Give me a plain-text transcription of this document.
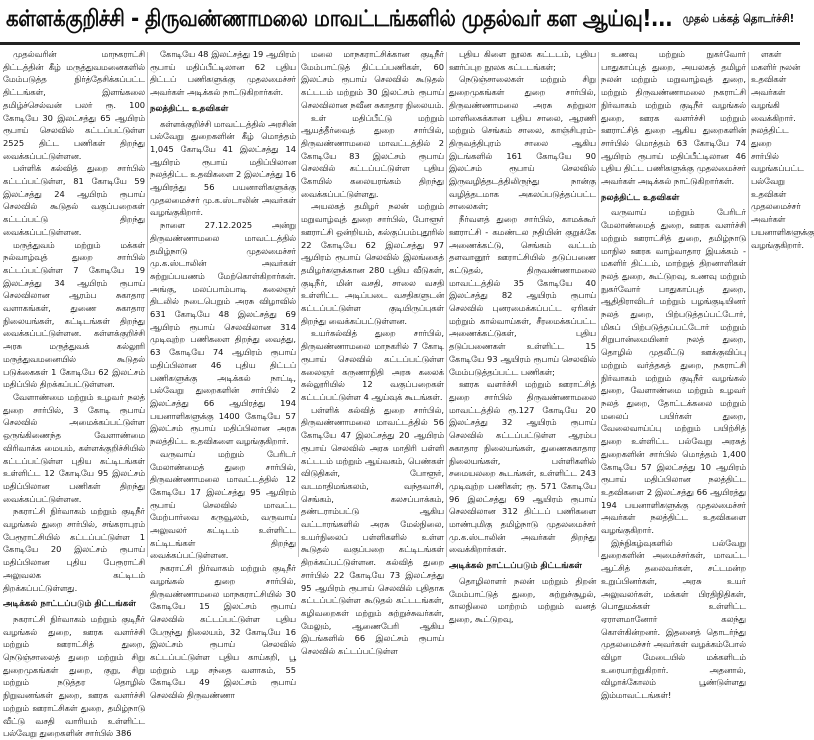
கள்ளக்குறிச்சி - திருவண்ணாமலை மாவட்டங்களில் முதல்வர் கள ஆய்வு!... முதல் பக்கத் தொடர்ச்சி!

முதல்வரின் மாநகராட்சி திட்டத்தின் கீழ் மருத்துவமனைகளில் மேம்படுத்த நிர்த்தேசிக்கப்பட்ட திட்டங்கள், இளங்கலை தமிழ்ச்செல்வன் பலர் ரூ. 100 கோடியே 30 இலட்சத்து 65 ஆயிரம் ரூபாய் செலவில் கட்டப்பட்டுள்ள 2525 திட்ட பணிகள் திறந்து வைக்கப்பட்டுள்ளன.

பள்ளிக் கல்வித் துறை சார்பில் கட்டப்பட்டுள்ள, 81 கோடியே 59 இலட்சத்து 24 ஆயிரம் ரூபாய் செலவில் கூடுதல் வகுப்பறைகள் கட்டப்பட்டு திறந்து வைக்கப்பட்டுள்ளன.

மருத்துவம் மற்றும் மக்கள் நல்வாழ்வுத் துறை சார்பில் கட்டப்பட்டுள்ள 7 கோடியே 19 இலட்சத்து 34 ஆயிரம் ரூபாய் செலவிலான ஆரம்ப சுகாதார வளாகங்கள், துணை சுகாதார நிலையங்கள், கட்டிடங்கள் திறந்து வைக்கப்பட்டுள்ளன. கள்ளக்குறிச்சி அரசு மருத்துவக் கல்லூரி மருத்துவமனையில் கூடுதல் படுக்கைகள் 1 கோடியே 62 இலட்சம் மதிப்பில் திறக்கப்பட்டுள்ளன.

வேளாண்மை மற்றும் உழவர் நலத் துறை சார்பில், 3 கோடி ரூபாய் செலவில் அமைக்கப்பட்டுள்ள ஒருங்கிணைந்த வேளாண்மை விரிவாக்க மையம், கள்ளக்குறிச்சியில் கட்டப்பட்டுள்ள புதிய கட்டிடங்கள் உள்ளிட்ட 12 கோடியே 95 இலட்சம் மதிப்பிலான பணிகள் திறந்து வைக்கப்பட்டுள்ளன.

நகராட்சி நிர்வாகம் மற்றும் குடிநீர் வழங்கல் துறை சார்பில், சங்கராபுரம் பேரூராட்சியில் கட்டப்பட்டுள்ள 1 கோடியே 20 இலட்சம் ரூபாய் மதிப்பிலான புதிய பேரூராட்சி அலுவலக கட்டிடம் திறக்கப்பட்டுள்ளது.

அடிக்கல் நாட்டப்படும் திட்டங்கள்

நகராட்சி நிர்வாகம் மற்றும் குடிநீர் வழங்கல் துறை, ஊரக வளர்ச்சி மற்றும் ஊராட்சித் துறை, நெடுஞ்சாலைத் துறை மற்றும் சிறு துறைமுகங்கள் துறை, குறு, சிறு மற்றும் நடுத்தர தொழில் நிறுவனங்கள் துறை, ஊரக வளர்ச்சி மற்றும் ஊராட்சிகள் துறை, தமிழ்நாடு வீட்டு வசதி வாரியம் உள்ளிட்ட பல்வேறு துறைகளின் சார்பில் 386

கோடியே 48 இலட்சத்து 19 ஆயிரம் ரூபாய் மதிப்பீட்டிலான 62 புதிய திட்டப் பணிகளுக்கு முதலமைச்சர் அவர்கள் அடிக்கல் நாட்டுகிறார்கள்.

நலத்திட்ட உதவிகள்

கள்ளக்குறிச்சி மாவட்டத்தில் அரசின் பல்வேறு துறைகளின் கீழ் மொத்தம் 1,045 கோடியே 41 இலட்சத்து 14 ஆயிரம் ரூபாய் மதிப்பிலான நலத்திட்ட உதவிகளை 2 இலட்சத்து 16 ஆயிரத்து 56 பயனாளிகளுக்கு முதலமைச்சர் மு.க.ஸ்டாலின் அவர்கள் வழங்குகிறார்.

நாளை 27.12.2025 அன்று திருவண்ணாமலை மாவட்டத்தில் தமிழ்நாடு முதலமைச்சர் மு.க.ஸ்டாலின் அவர்கள் சுற்றுப்பயணம் மேற்கொள்கிறார்கள். அங்கு, மலப்பாம்பாடி கலைஞர் திடலில் நடைபெறும் அரசு விழாவில் 631 கோடியே 48 இலட்சத்து 69 ஆயிரம் ரூபாய் செலவிலான 314 முடிவுற்ற பணிகளை திறந்து வைத்து, 63 கோடியே 74 ஆயிரம் ரூபாய் மதிப்பிலான 46 புதிய திட்டப் பணிகளுக்கு அடிக்கல் நாட்டி, பல்வேறு துறைகளின் சார்பில் 2 இலட்சத்து 66 ஆயிரத்து 194 பயனாளிகளுக்கு 1400 கோடியே 57 இலட்சம் ரூபாய் மதிப்பிலான அரசு நலத்திட்ட உதவிகளை வழங்குகிறார்.

வருவாய் மற்றும் பேரிடர் மேலாண்மைத் துறை சார்பில், திருவண்ணாமலை மாவட்டத்தில் 12 கோடியே 17 இலட்சத்து 95 ஆயிரம் ரூபாய் செலவில் மாவட்ட மேற்பார்வை கருவூலம், வருவாய் அலுவலர் கட்டிடம் உள்ளிட்ட கட்டிடங்கள் திறந்து வைக்கப்பட்டுள்ளன.

நகராட்சி நிர்வாகம் மற்றும் குடிநீர் வழங்கல் துறை சார்பில், திருவண்ணாமலை மாநகராட்சியில் 30 கோடியே 15 இலட்சம் ரூபாய் செலவில் கட்டப்பட்டுள்ள புதிய பேருந்து நிலையம், 32 கோடியே 16 இலட்சம் ரூபாய் செலவில் கட்டப்பட்டுள்ள புதிய காய்கறி, பூ மற்றும் பழ சந்தை வளாகம், 55 கோடியே 49 இலட்சம் ரூபாய் செலவில் திருவண்ணா

மலை மாநகராட்சிக்கான குடிநீர் மேம்பாட்டுத் திட்டப்பணிகள், 60 இலட்சம் ரூபாய் செலவில் கூடுதல் கட்டடம் மற்றும் 30 இலட்சம் ரூபாய் செலவிலான நவீன சுகாதார நிலையம்.

உள் மதிப்பீட்டு மற்றும் ஆயத்தீர்வைத் துறை சார்பில், திருவண்ணாமலை மாவட்டத்தில் 2 கோடியே 83 இலட்சம் ரூபாய் செலவில் கட்டப்பட்டுள்ள புதிய கோயில் கலையரங்கம் திறந்து வைக்கப்பட்டுள்ளது.

அயலகத் தமிழர் நலன் மற்றும் மறுவாழ்வுத் துறை சார்பில், போளூர் ஊராட்சி ஒன்றியம், கல்குப்பம்புதூரில் 22 கோடியே 62 இலட்சத்து 97 ஆயிரம் ரூபாய் செலவில் இலங்கைத் தமிழர்களுக்கான 280 புதிய வீடுகள், குடிநீர், மின் வசதி, சாலை வசதி உள்ளிட்ட அடிப்படை வசதிகளுடன் கட்டப்பட்டுள்ள குடியிருப்புகள் திறந்து வைக்கப்பட்டுள்ளன.

உயர்கல்வித் துறை சார்பில், திருவண்ணாமலை மாநகரில் 7 கோடி ரூபாய் செலவில் கட்டப்பட்டுள்ள கலைஞர் கருணாநிதி அரசு கலைக் கல்லூரியில் 12 வகுப்பறைகள் கட்டப்பட்டுள்ள 4 ஆய்வுக் கூடங்கள்.

பள்ளிக் கல்வித் துறை சார்பில், திருவண்ணாமலை மாவட்டத்தில் 56 கோடியே 47 இலட்சத்து 20 ஆயிரம் ரூபாய் செலவில் அரசு மாதிரி பள்ளி கட்டடம் மற்றும் ஆய்வகம், பெண்கள் விடுதிகள், போளூர், வடமாதிமங்கலம், வந்தவாசி, செங்கம், கலசப்பாக்கம், தண்டராம்பட்டு ஆகிய வட்டாரங்களில் அரசு மேல்நிலை, உயர்நிலைப் பள்ளிகளில் உள்ள கூடுதல் வகுப்பறை கட்டிடங்கள் திறக்கப்பட்டுள்ளன. கல்வித் துறை சார்பில் 22 கோடியே 73 இலட்சத்து 95 ஆயிரம் ரூபாய் செலவில் புதிதாக கட்டப்பட்டுள்ள கூடுதல் கட்டடங்கள், கழிவறைகள் மற்றும் சுற்றுச்சுவர்கள், மேலும், ஆணைபேரி ஆகிய இடங்களில் 66 இலட்சம் ரூபாய் செலவில் கட்டப்பட்டுள்ள

புதிய கிளை நூலக கட்டடம், புதிய ஊர்ப்புற நூலக கட்டடங்கள்;

நெடுஞ்சாலைகள் மற்றும் சிறு துறைமுகங்கள் துறை சார்பில், திருவண்ணாமலை அரசு சுற்றுலா மாளிகைக்கான புதிய சாலை, ஆரணி மற்றும் செங்கம் சாலை, காஞ்சிபுரம்-திருவத்திபுரம் சாலை ஆகிய இடங்களில் 161 கோடியே 90 இலட்சம் ரூபாய் செலவில் இருவழித்தடத்திலிருந்து நான்கு வழித்தடமாக அகலப்படுத்தப்பட்ட சாலைகள்;

நீர்வளத் துறை சார்பில், காமக்கூர் ஊராட்சி - கமண்டல நதியின் குறுக்கே அணைக்கட்டு, செங்கம் வட்டம் தளவானூர் ஊராட்சியில் தடுப்பணை கட்டுதல், திருவண்ணாமலை மாவட்டத்தில் 35 கோடியே 40 இலட்சத்து 82 ஆயிரம் ரூபாய் செலவில் புனரமைக்கப்பட்ட ஏரிகள் மற்றும் கால்வாய்கள், சீரமைக்கப்பட்ட அணைக்கட்டுகள், புதிய தடுப்பணைகள் உள்ளிட்ட 15 கோடியே 93 ஆயிரம் ரூபாய் செலவில் மேம்படுத்தப்பட்ட பணிகள்;

ஊரக வளர்ச்சி மற்றும் ஊராட்சித் துறை சார்பில் திருவண்ணாமலை மாவட்டத்தில் ரூ.127 கோடியே 20 இலட்சத்து 32 ஆயிரம் ரூபாய் செலவில் கட்டப்பட்டுள்ள ஆரம்ப சுகாதார நிலையங்கள், துணைசுகாதார நிலையங்கள், பள்ளிகளில் சமையலறை கூடங்கள், உள்ளிட்ட 243 முடிவுற்ற பணிகள்; ரூ. 571 கோடியே 96 இலட்சத்து 69 ஆயிரம் ரூபாய் செலவிலான 312 திட்டப் பணிகளை மாண்புமிகு தமிழ்நாடு முதலமைச்சர் மு.க.ஸ்டாலின் அவர்கள் திறந்து வைக்கிறார்கள்.

அடிக்கல் நாட்டப்படும் திட்டங்கள்

தொழிலாளர் நலன் மற்றும் திறன் மேம்பாட்டுத் துறை, சுற்றுச்சூழல், காலநிலை மாற்றம் மற்றும் வனத் துறை, கூட்டுறவு,

உணவு மற்றும் நுகர்வோர் பாதுகாப்புத் துறை, அயலகத் தமிழர் நலன் மற்றும் மறுவாழ்வுத் துறை, மற்றும் திருவண்ணாமலை நகராட்சி நிர்வாகம் மற்றும் குடிநீர் வழங்கல் துறை, ஊரக வளர்ச்சி மற்றும் ஊராட்சித் துறை ஆகிய துறைகளின் சார்பில் மொத்தம் 63 கோடியே 74 ஆயிரம் ரூபாய் மதிப்பீட்டிலான 46 புதிய திட்ட பணிகளுக்கு முதலமைச்சர் அவர்கள் அடிக்கல் நாட்டுகிறார்கள்.

நலத்திட்ட உதவிகள்

வருவாய் மற்றும் பேரிடர் மேலாண்மைத் துறை, ஊரக வளர்ச்சி மற்றும் ஊராட்சித் துறை, தமிழ்நாடு மாநில ஊரக வாழ்வாதார இயக்கம் - மகளிர் திட்டம், மாற்றுத் திறனாளிகள் நலத் துறை, கூட்டுறவு, உணவு மற்றும் நுகர்வோர் பாதுகாப்புத் துறை, ஆதிதிராவிடர் மற்றும் பழங்குடியினர் நலத் துறை, பிற்படுத்தப்பட்டோர், மிகப் பிற்படுத்தப்பட்டோர் மற்றும் சிறுபான்மையினர் நலத் துறை, தொழில் முதலீட்டு ஊக்குவிப்பு மற்றும் வர்த்தகத் துறை, நகராட்சி நிர்வாகம் மற்றும் குடிநீர் வழங்கல் துறை, வேளாண்மை மற்றும் உழவர் நலத் துறை, தோட்டக்கலை மற்றும் மலைப் பயிர்கள் துறை, வேலைவாய்ப்பு மற்றும் பயிற்சித் துறை உள்ளிட்ட பல்வேறு அரசுத் துறைகளின் சார்பில் மொத்தம் 1,400 கோடியே 57 இலட்சத்து 10 ஆயிரம் ரூபாய் மதிப்பிலான நலத்திட்ட உதவிகளை 2 இலட்சத்து 66 ஆயிரத்து 194 பயனாளிகளுக்கு முதலமைச்சர் அவர்கள் நலத்திட்ட உதவிகளை வழங்குகிறார்.

இந்நிகழ்வுகளில் பல்வேறு துறைகளின் அமைச்சர்கள், மாவட்ட ஆட்சித் தலைவர்கள், சட்டமன்ற உறுப்பினர்கள், அரசு உயர் அலுவலர்கள், மக்கள் பிரதிநிதிகள், பொதுமக்கள் உள்ளிட்ட ஏராளமானோர் கலந்து கொள்கின்றனர். இதனைத் தொடர்ந்து முதலமைச்சர் அவர்கள் வழக்கம்போல் விழா மேடையில் மக்களிடம் உரையாற்றுகிறார். அதனால், விழாக்கோலம் பூண்டுள்ளது இம்மாவட்டங்கள்!

ளகள் மகளிர் நலன் உதவிகள் அவர்கள் வழங்கி வைக்கிறார். நலத்திட்ட துறை சார்பில் வழங்கப்பட்ட பல்வேறு உதவிகள் முதலமைச்சர் அவர்கள் பயனாளிகளுக்கு வழங்குகிறார்.
